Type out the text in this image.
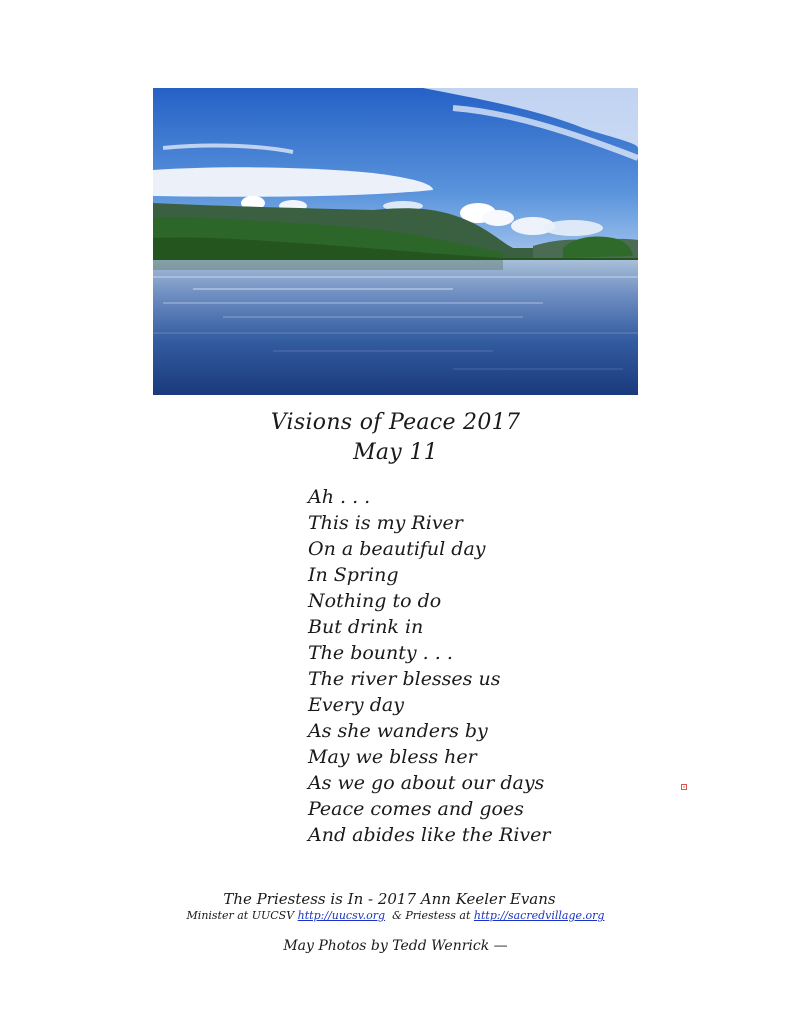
Visions of Peace 2017
May 11
Ah . . .
This is my River
On a beautiful day
In Spring
Nothing to do
But drink in
The bounty . . .
The river blesses us
Every day
As she wanders by
May we bless her
As we go about our days
Peace comes and goes
And abides like the River
The Priestess is In - 2017 Ann Keeler Evans
Minister at UUCSV http://uucsv.org & Priestess at http://sacredvillage.org
May Photos by Tedd Wenrick —
